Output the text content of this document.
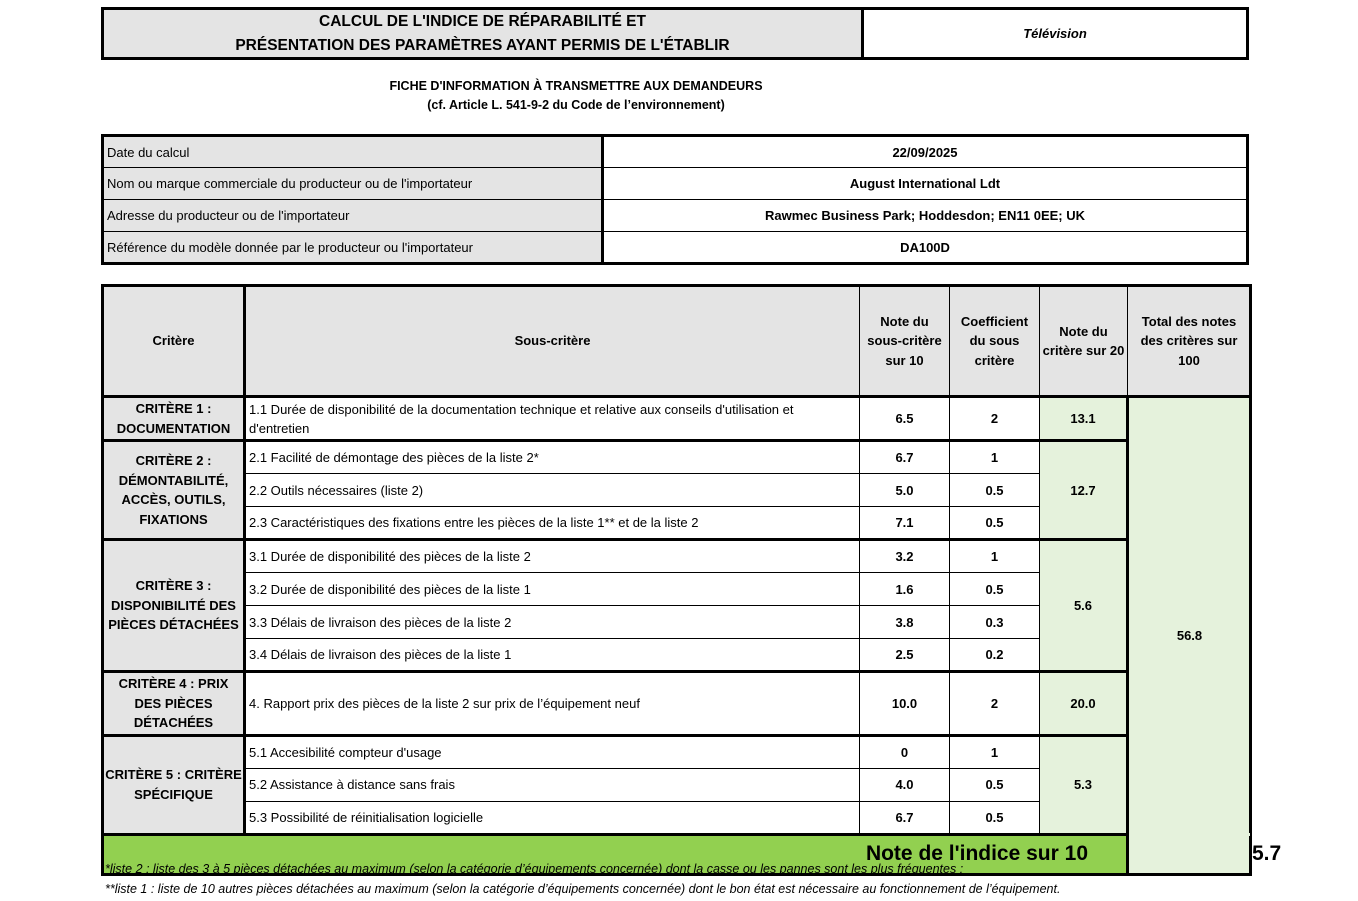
CALCUL DE L'INDICE DE RÉPARABILITÉ ET
PRÉSENTATION DES PARAMÈTRES AYANT PERMIS DE L'ÉTABLIR
Télévision
FICHE D'INFORMATION À TRANSMETTRE AUX DEMANDEURS
(cf. Article L. 541-9-2 du Code de l’environnement)
Date du calcul	22/09/2025
Nom ou marque commerciale du producteur ou de l'importateur	August International Ldt
Adresse du producteur ou de l'importateur	Rawmec Business Park; Hoddesdon; EN11 0EE; UK
Référence du modèle donnée par le producteur ou l'importateur	DA100D
Critère	Sous-critère	Note du sous-critère sur 10	Coefficient du sous critère	Note du critère sur 20	Total des notes des critères sur 100	
CRITÈRE 1 : DOCUMENTATION	1.1 Durée de disponibilité de la documentation technique et relative aux conseils d'utilisation et d'entretien	6.5	2	13.1	56.8	
CRITÈRE 2 : DÉMONTABILITÉ, ACCÈS, OUTILS, FIXATIONS	2.1 Facilité de démontage des pièces de la liste 2*	6.7	1	12.7		
	2.2 Outils nécessaires (liste 2)	5.0	0.5			
	2.3 Caractéristiques des fixations entre les pièces de la liste 1** et de la liste 2	7.1	0.5			
CRITÈRE 3 : DISPONIBILITÉ DES PIÈCES DÉTACHÉES	3.1 Durée de disponibilité des pièces de la liste 2	3.2	1	5.6		
	3.2 Durée de disponibilité des pièces de la liste 1	1.6	0.5			
	3.3 Délais de livraison des pièces de la liste 2	3.8	0.3			
	3.4 Délais de livraison des pièces de la liste 1	2.5	0.2			
CRITÈRE 4 : PRIX DES PIÈCES DÉTACHÉES	4. Rapport prix des pièces de la liste 2 sur prix de l’équipement neuf	10.0	2	20.0		
CRITÈRE 5 : CRITÈRE SPÉCIFIQUE	5.1 Accesibilité compteur d'usage	0	1	5.3		
	5.2 Assistance à distance sans frais	4.0	0.5			
	5.3 Possibilité de réinitialisation logicielle	6.7	0.5			
Note de l'indice sur 10						5.7
*liste 2 : liste des 3 à 5 pièces détachées au maximum (selon la catégorie d’équipements concernée) dont la casse ou les pannes sont les plus fréquentes ;
**liste 1 : liste de 10 autres pièces détachées au maximum (selon la catégorie d’équipements concernée) dont le bon état est nécessaire au fonctionnement de l’équipement.
